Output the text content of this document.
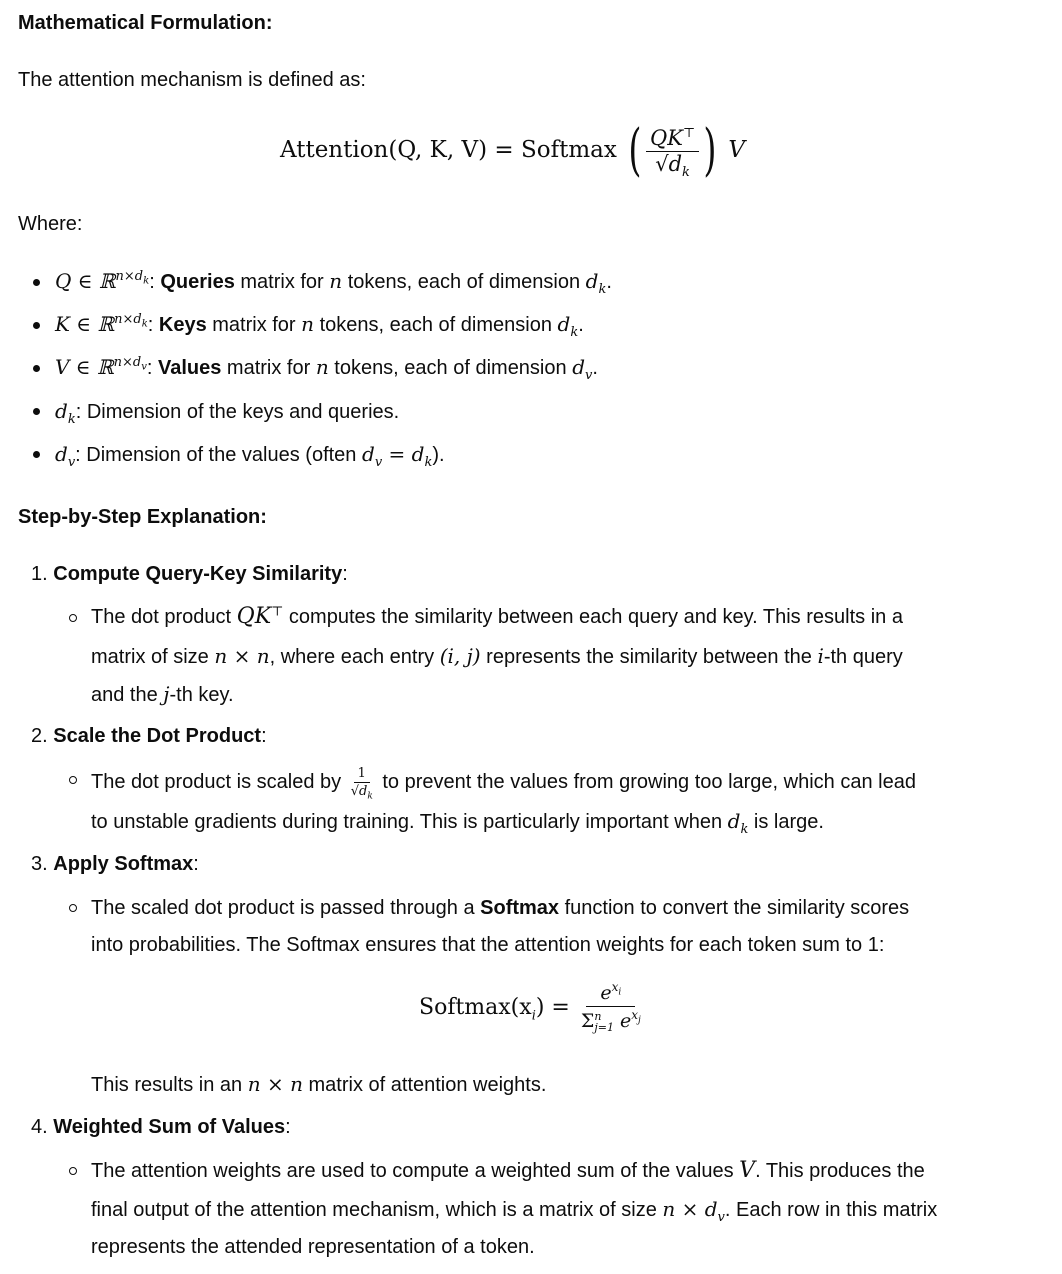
Mathematical Formulation:
The attention mechanism is defined as:
Attention(Q, K, V) = Softmax ( $\frac{QK^⊤}{√d_k}$ ) V
Where:
Q ∈ ℝ$^{n\times d_k}$: Queries matrix for n tokens, each of dimension $d_k$.
K ∈ ℝ$^{n\times d_k}$: Keys matrix for n tokens, each of dimension $d_k$.
V ∈ ℝ$^{n\times d_v}$: Values matrix for n tokens, each of dimension $d_v$.
$d_k$: Dimension of the keys and queries.
$d_v$: Dimension of the values (often $d_v = d_k$).
Step-by-Step Explanation:
1. Compute Query-Key Similarity:
The dot product QK⊤ computes the similarity between each query and key. This results in a
matrix of size n × n, where each entry (i, j) represents the similarity between the i-th query
and the j-th key.
2. Scale the Dot Product:
The dot product is scaled by $\frac{1}{√d_k}$ to prevent the values from growing too large, which can lead
to unstable gradients during training. This is particularly important when $d_k$ is large.
3. Apply Softmax:
The scaled dot product is passed through a Softmax function to convert the similarity scores
into probabilities. The Softmax ensures that the attention weights for each token sum to 1:
$Softmax(x_i) = e^{x_i}$
Σ n
j=1 $e^{x_j}$
This results in an n × n matrix of attention weights.
4. Weighted Sum of Values:
The attention weights are used to compute a weighted sum of the values V. This produces the
final output of the attention mechanism, which is a matrix of size $n \times d_v$. Each row in this matrix
represents the attended representation of a token.
